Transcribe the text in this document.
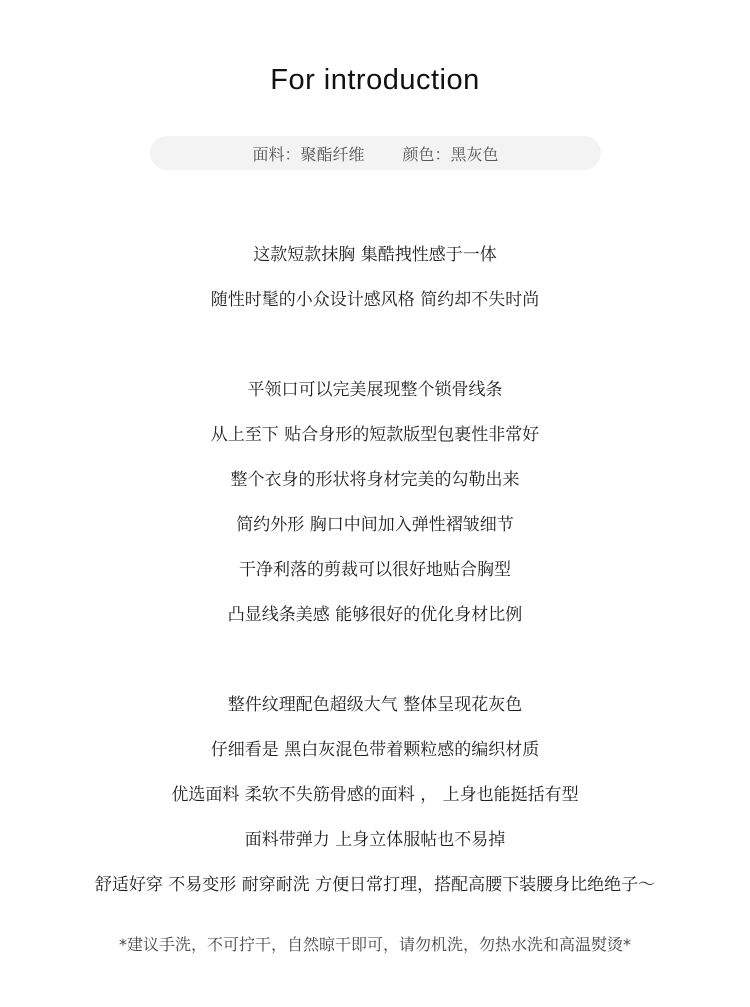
For introduction
面料：聚酯纤维 颜色：黑灰色
这款短款抹胸 集酷拽性感于一体
随性时髦的小众设计感风格 简约却不失时尚
平领口可以完美展现整个锁骨线条
从上至下 贴合身形的短款版型包裹性非常好
整个衣身的形状将身材完美的勾勒出来
简约外形 胸口中间加入弹性褶皱细节
干净利落的剪裁可以很好地贴合胸型
凸显线条美感 能够很好的优化身材比例
整件纹理配色超级大气 整体呈现花灰色
仔细看是 黑白灰混色带着颗粒感的编织材质
优选面料 柔软不失筋骨感的面料 ， 上身也能挺括有型
面料带弹力 上身立体服帖也不易掉
舒适好穿 不易变形 耐穿耐洗 方便日常打理，搭配高腰下装腰身比绝绝子～
*建议手洗，不可拧干，自然晾干即可，请勿机洗，勿热水洗和高温熨烫*
